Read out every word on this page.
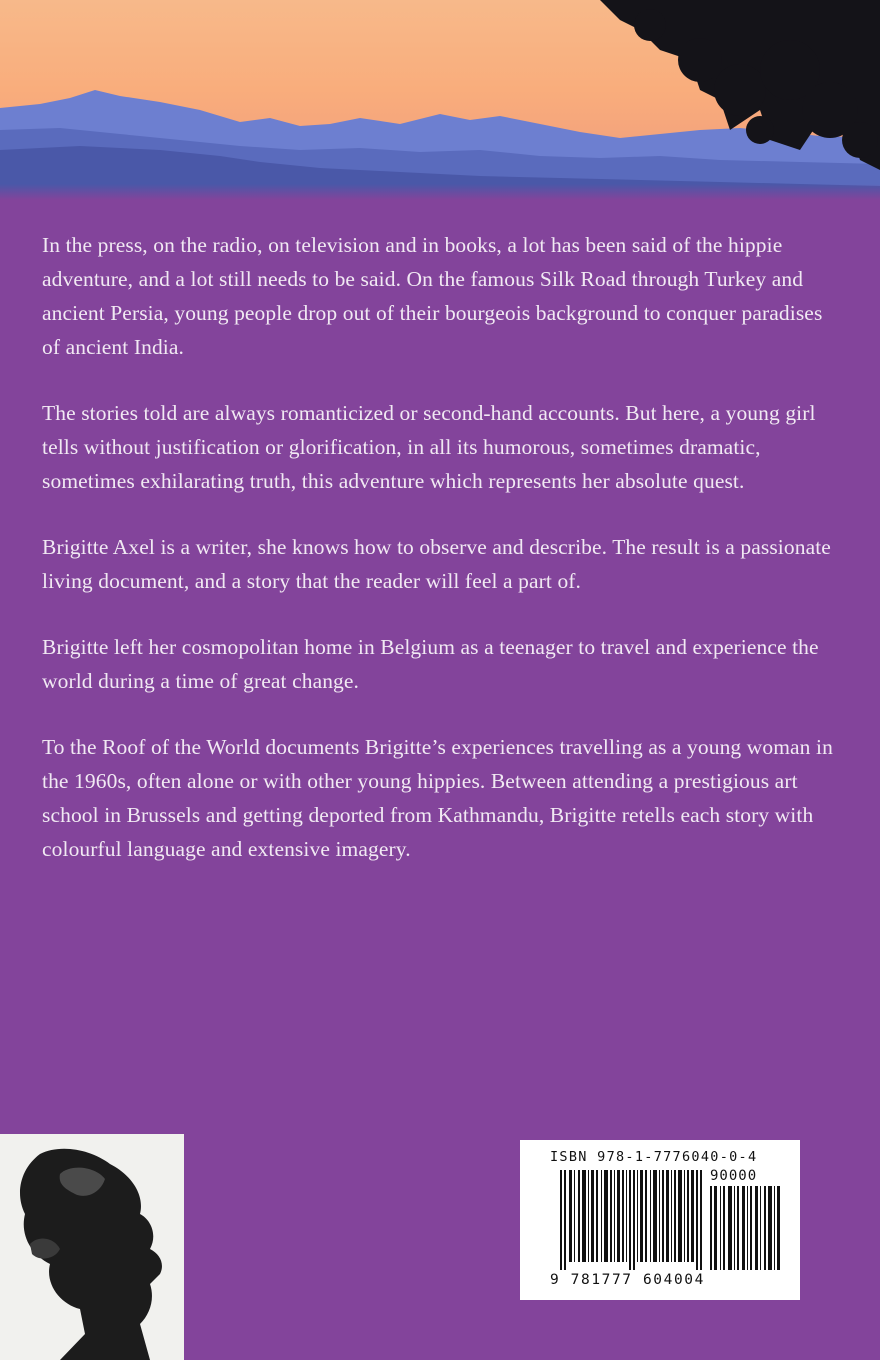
In the press, on the radio, on television and in books, a lot has been said of the hippie adventure, and a lot still needs to be said. On the famous Silk Road through Turkey and ancient Persia, young people drop out of their bourgeois background to conquer paradises of ancient India.

The stories told are always romanticized or second-hand accounts. But here, a young girl tells without justification or glorification, in all its humorous, sometimes dramatic, sometimes exhilarating truth, this adventure which represents her absolute quest.

Brigitte Axel is a writer, she knows how to observe and describe. The result is a passionate living document, and a story that the reader will feel a part of.

Brigitte left her cosmopolitan home in Belgium as a teenager to travel and experience the world during a time of great change.

To the Roof of the World documents Brigitte’s experiences travelling as a young woman in the 1960s, often alone or with other young hippies. Between attending a prestigious art school in Brussels and getting deported from Kathmandu, Brigitte retells each story with colourful language and extensive imagery.

ISBN 978-1-7776040-0-4
90000
9 781777 604004
